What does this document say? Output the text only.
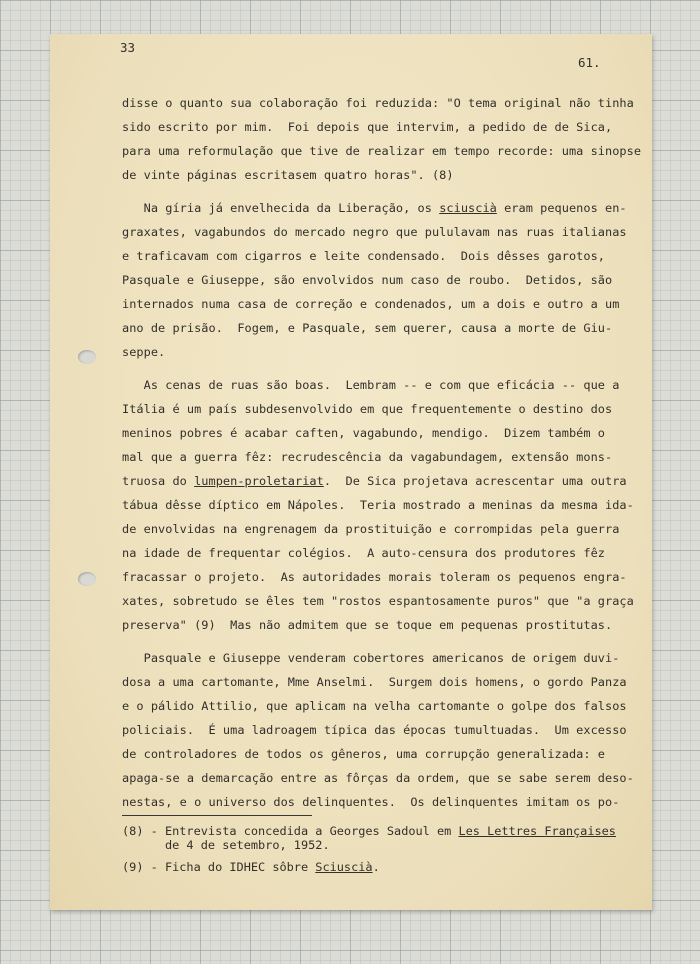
33
61.
disse o quanto sua colaboração foi reduzida: "O tema original não tinha
sido escrito por mim.  Foi depois que intervim, a pedido de de Sica,
para uma reformulação que tive de realizar em tempo recorde: uma sinopse
de vinte páginas escritasem quatro horas". (8)
Na gíria já envelhecida da Liberação, os sciuscià eram pequenos en-
graxates, vagabundos do mercado negro que pululavam nas ruas italianas
e traficavam com cigarros e leite condensado.  Dois dêsses garotos,
Pasquale e Giuseppe, são envolvidos num caso de roubo.  Detidos, são
internados numa casa de correção e condenados, um a dois e outro a um
ano de prisão.  Fogem, e Pasquale, sem querer, causa a morte de Giu-
seppe.
As cenas de ruas são boas.  Lembram -- e com que eficácia -- que a
Itália é um país subdesenvolvido em que frequentemente o destino dos
meninos pobres é acabar caften, vagabundo, mendigo.  Dizem também o
mal que a guerra fêz: recrudescência da vagabundagem, extensão mons-
truosa do lumpen-proletariat.  De Sica projetava acrescentar uma outra
tábua dêsse díptico em Nápoles.  Teria mostrado a meninas da mesma ida-
de envolvidas na engrenagem da prostituição e corrompidas pela guerra
na idade de frequentar colégios.  A auto-censura dos produtores fêz
fracassar o projeto.  As autoridades morais toleram os pequenos engra-
xates, sobretudo se êles tem "rostos espantosamente puros" que "a graça
preserva" (9)  Mas não admitem que se toque em pequenas prostitutas.
Pasquale e Giuseppe venderam cobertores americanos de origem duvi-
dosa a uma cartomante, Mme Anselmi.  Surgem dois homens, o gordo Panza
e o pálido Attilio, que aplicam na velha cartomante o golpe dos falsos
policiais.  É uma ladroagem típica das épocas tumultuadas.  Um excesso
de controladores de todos os gêneros, uma corrupção generalizada: e
apaga-se a demarcação entre as fôrças da ordem, que se sabe serem deso-
nestas, e o universo dos delinquentes.  Os delinquentes imitam os po-
(8) - Entrevista concedida a Georges Sadoul em Les Lettres Françaises
de 4 de setembro, 1952.
(9) - Ficha do IDHEC sôbre Sciuscià.
